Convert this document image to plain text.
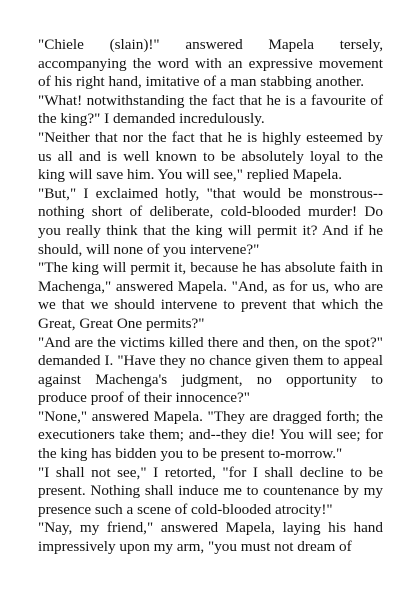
"Chiele (slain)!" answered Mapela tersely, accompanying the word with an expressive movement of his right hand, imitative of a man stabbing another.

"What! notwithstanding the fact that he is a favourite of the king?" I demanded incredulously.

"Neither that nor the fact that he is highly esteemed by us all and is well known to be absolutely loyal to the king will save him. You will see," replied Mapela.

"But," I exclaimed hotly, "that would be monstrous--nothing short of deliberate, cold-blooded murder! Do you really think that the king will permit it? And if he should, will none of you intervene?"

"The king will permit it, because he has absolute faith in Machenga," answered Mapela. "And, as for us, who are we that we should intervene to prevent that which the Great, Great One permits?"

"And are the victims killed there and then, on the spot?" demanded I. "Have they no chance given them to appeal against Machenga's judgment, no opportunity to produce proof of their innocence?"

"None," answered Mapela. "They are dragged forth; the executioners take them; and--they die! You will see; for the king has bidden you to be present to-morrow."

"I shall not see," I retorted, "for I shall decline to be present. Nothing shall induce me to countenance by my presence such a scene of cold-blooded atrocity!"

"Nay, my friend," answered Mapela, laying his hand impressively upon my arm, "you must not dream of
